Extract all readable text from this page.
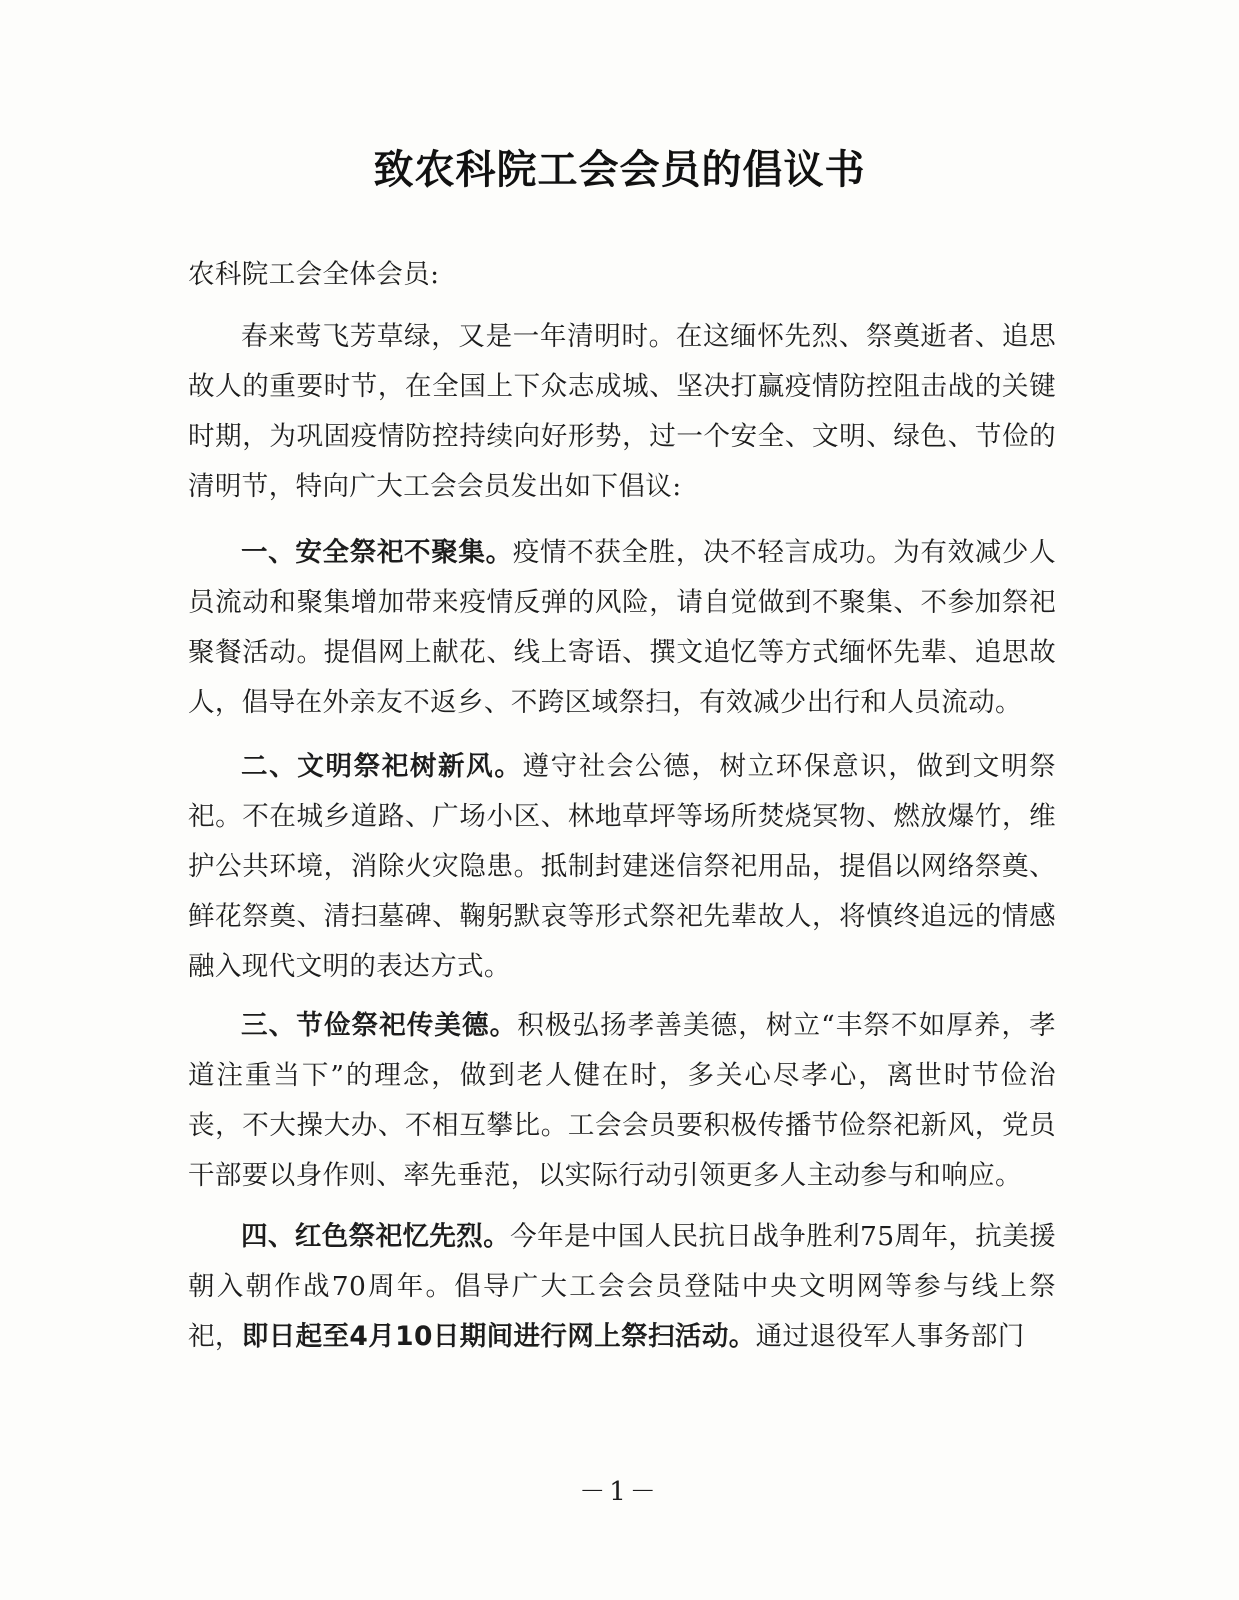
致农科院工会会员的倡议书
农科院工会全体会员:

春来莺飞芳草绿，又是一年清明时。在这缅怀先烈、祭奠逝者、追思故人的重要时节，在全国上下众志成城、坚决打赢疫情防控阻击战的关键时期，为巩固疫情防控持续向好形势，过一个安全、文明、绿色、节俭的清明节，特向广大工会会员发出如下倡议:

一、安全祭祀不聚集。疫情不获全胜，决不轻言成功。为有效减少人员流动和聚集增加带来疫情反弹的风险，请自觉做到不聚集、不参加祭祀聚餐活动。提倡网上献花、线上寄语、撰文追忆等方式缅怀先辈、追思故人，倡导在外亲友不返乡、不跨区域祭扫，有效减少出行和人员流动。

二、文明祭祀树新风。遵守社会公德，树立环保意识，做到文明祭祀。不在城乡道路、广场小区、林地草坪等场所焚烧冥物、燃放爆竹，维护公共环境，消除火灾隐患。抵制封建迷信祭祀用品，提倡以网络祭奠、鲜花祭奠、清扫墓碑、鞠躬默哀等形式祭祀先辈故人，将慎终追远的情感融入现代文明的表达方式。

三、节俭祭祀传美德。积极弘扬孝善美德，树立“丰祭不如厚养，孝道注重当下”的理念，做到老人健在时，多关心尽孝心，离世时节俭治丧，不大操大办、不相互攀比。工会会员要积极传播节俭祭祀新风，党员干部要以身作则、率先垂范，以实际行动引领更多人主动参与和响应。

四、红色祭祀忆先烈。今年是中国人民抗日战争胜利75周年，抗美援朝入朝作战70周年。倡导广大工会会员登陆中央文明网等参与线上祭祀，即日起至4月10日期间进行网上祭扫活动。通过退役军人事务部门

－1－
